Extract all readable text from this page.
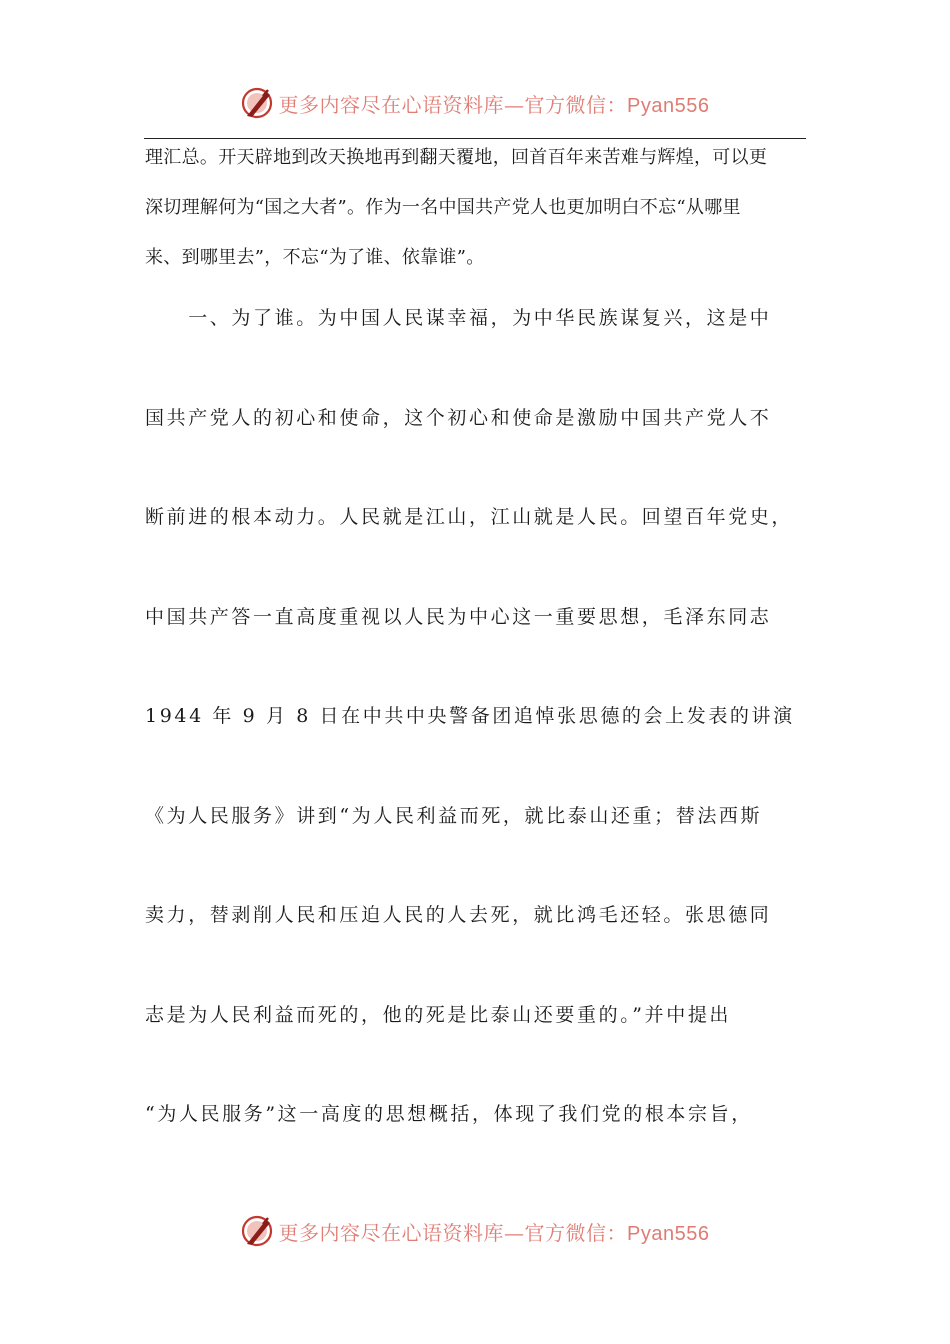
更多内容尽在心语资料库—官方微信：Pyan556
理汇总。开天辟地到改天换地再到翻天覆地，回首百年来苦难与辉煌，可以更
深切理解何为“国之大者”。作为一名中国共产党人也更加明白不忘“从哪里
来、到哪里去”，不忘“为了谁、依靠谁”。
　　一、为了谁。为中国人民谋幸福，为中华民族谋复兴，这是中
国共产党人的初心和使命，这个初心和使命是激励中国共产党人不
断前进的根本动力。人民就是江山，江山就是人民。回望百年党史，
中国共产答一直高度重视以人民为中心这一重要思想，毛泽东同志
1944 年 9 月 8 日在中共中央警备团追悼张思德的会上发表的讲演
《为人民服务》讲到“为人民利益而死，就比泰山还重；替法西斯
卖力，替剥削人民和压迫人民的人去死，就比鸿毛还轻。张思德同
志是为人民利益而死的，他的死是比泰山还要重的。”并中提出
“为人民服务”这一高度的思想概括，体现了我们党的根本宗旨，
更多内容尽在心语资料库—官方微信：Pyan556
